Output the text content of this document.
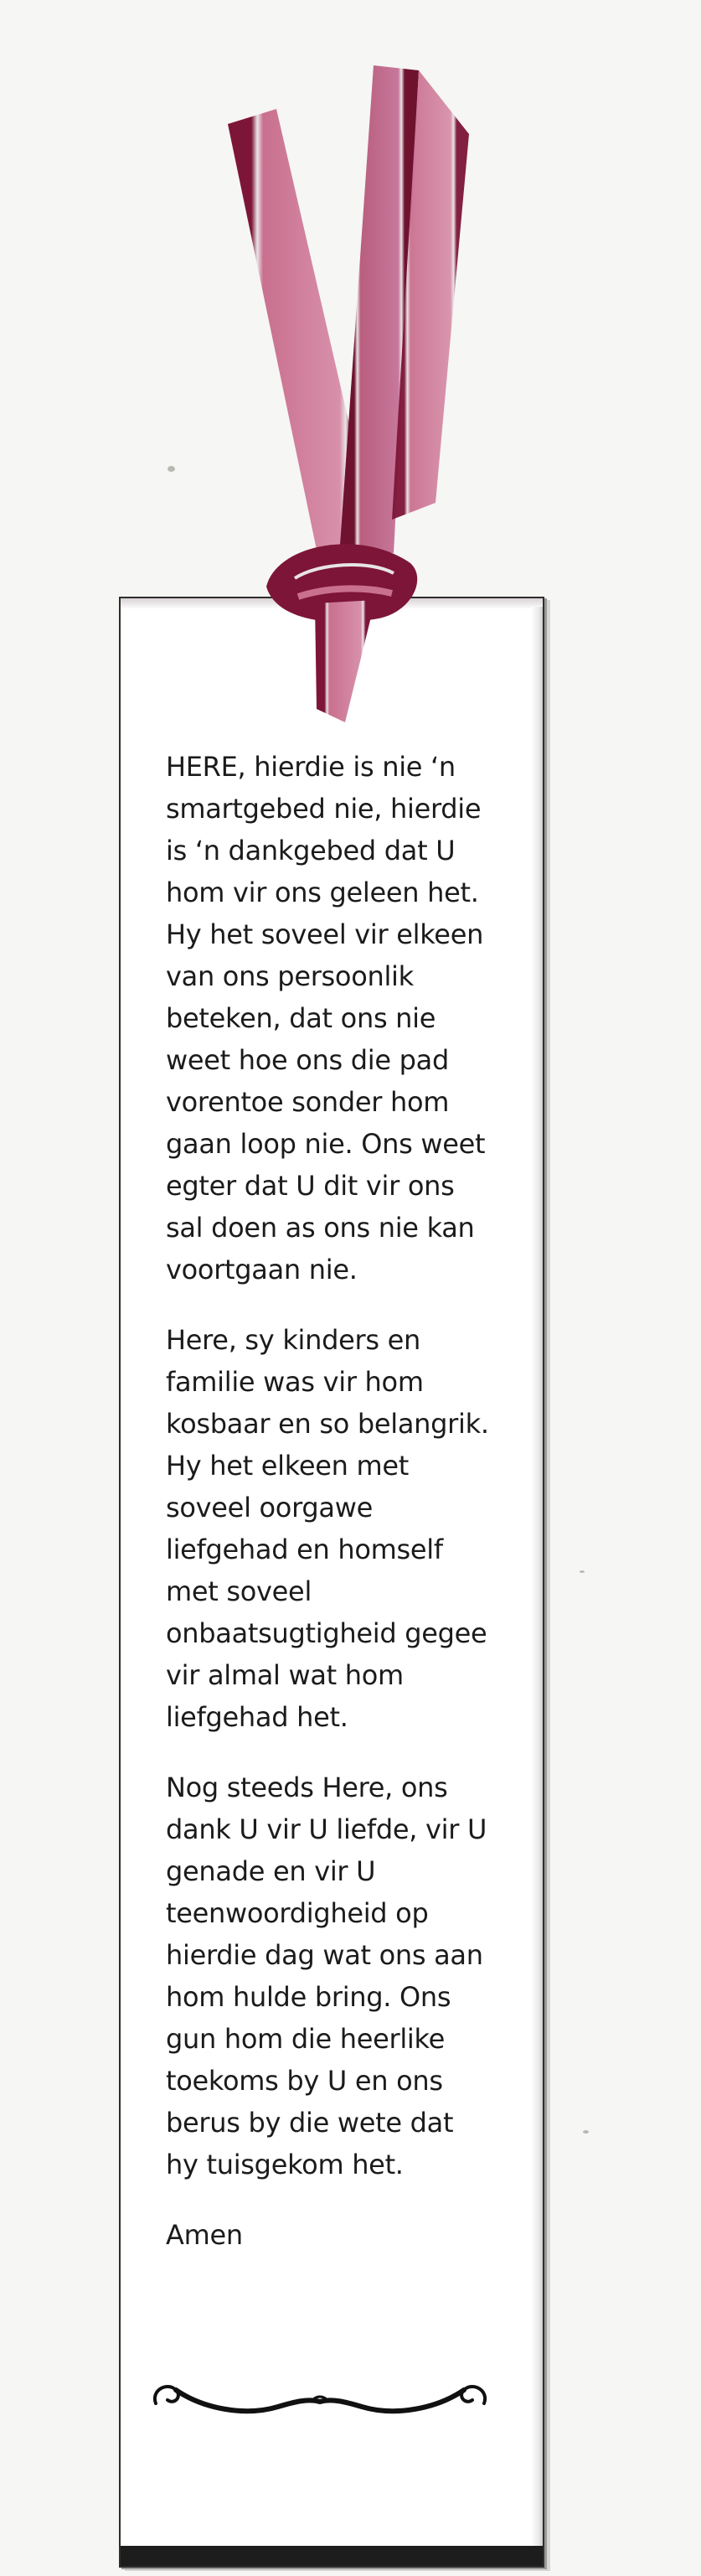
HERE, hierdie is nie ‘n
smartgebed nie, hierdie
is ‘n dankgebed dat U
hom vir ons geleen het.
Hy het soveel vir elkeen
van ons persoonlik
beteken, dat ons nie
weet hoe ons die pad
vorentoe sonder hom
gaan loop nie. Ons weet
egter dat U dit vir ons
sal doen as ons nie kan
voortgaan nie.
Here, sy kinders en
familie was vir hom
kosbaar en so belangrik.
Hy het elkeen met
soveel oorgawe
liefgehad en homself
met soveel
onbaatsugtigheid gegee
vir almal wat hom
liefgehad het.
Nog steeds Here, ons
dank U vir U liefde, vir U
genade en vir U
teenwoordigheid op
hierdie dag wat ons aan
hom hulde bring. Ons
gun hom die heerlike
toekoms by U en ons
berus by die wete dat
hy tuisgekom het.
Amen
